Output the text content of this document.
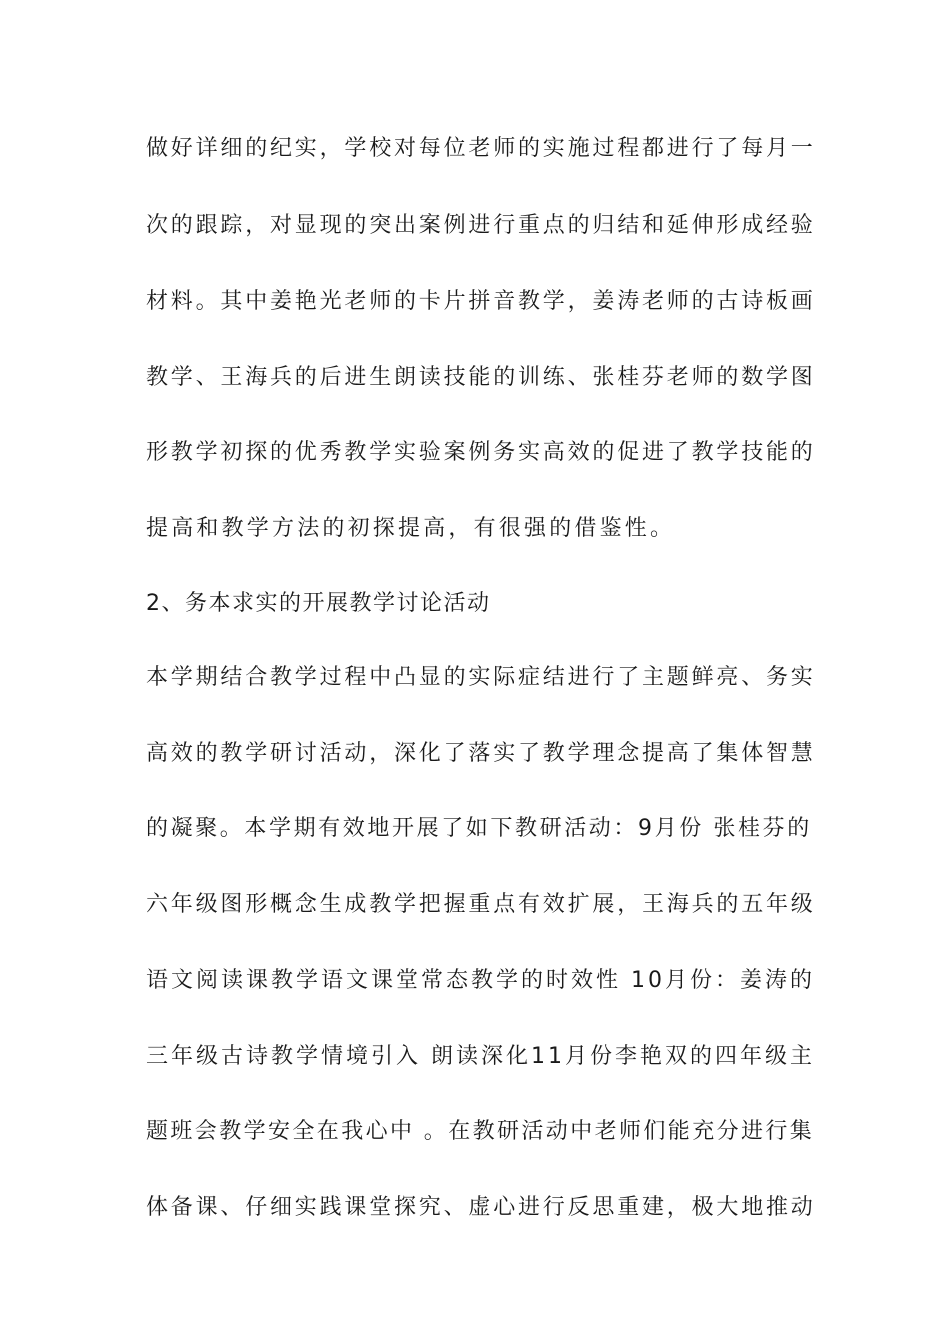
做好详细的纪实，学校对每位老师的实施过程都进行了每月一

次的跟踪，对显现的突出案例进行重点的归结和延伸形成经验

材料。其中姜艳光老师的卡片拼音教学，姜涛老师的古诗板画

教学、王海兵的后进生朗读技能的训练、张桂芬老师的数学图

形教学初探的优秀教学实验案例务实高效的促进了教学技能的

提高和教学方法的初探提高，有很强的借鉴性。

2、务本求实的开展教学讨论活动

本学期结合教学过程中凸显的实际症结进行了主题鲜亮、务实

高效的教学研讨活动，深化了落实了教学理念提高了集体智慧

的凝聚。本学期有效地开展了如下教研活动：9月份 张桂芬的

六年级图形概念生成教学把握重点有效扩展，王海兵的五年级

语文阅读课教学语文课堂常态教学的时效性 10月份：姜涛的

三年级古诗教学情境引入 朗读深化11月份李艳双的四年级主

题班会教学安全在我心中 。在教研活动中老师们能充分进行集

体备课、仔细实践课堂探究、虚心进行反思重建，极大地推动
